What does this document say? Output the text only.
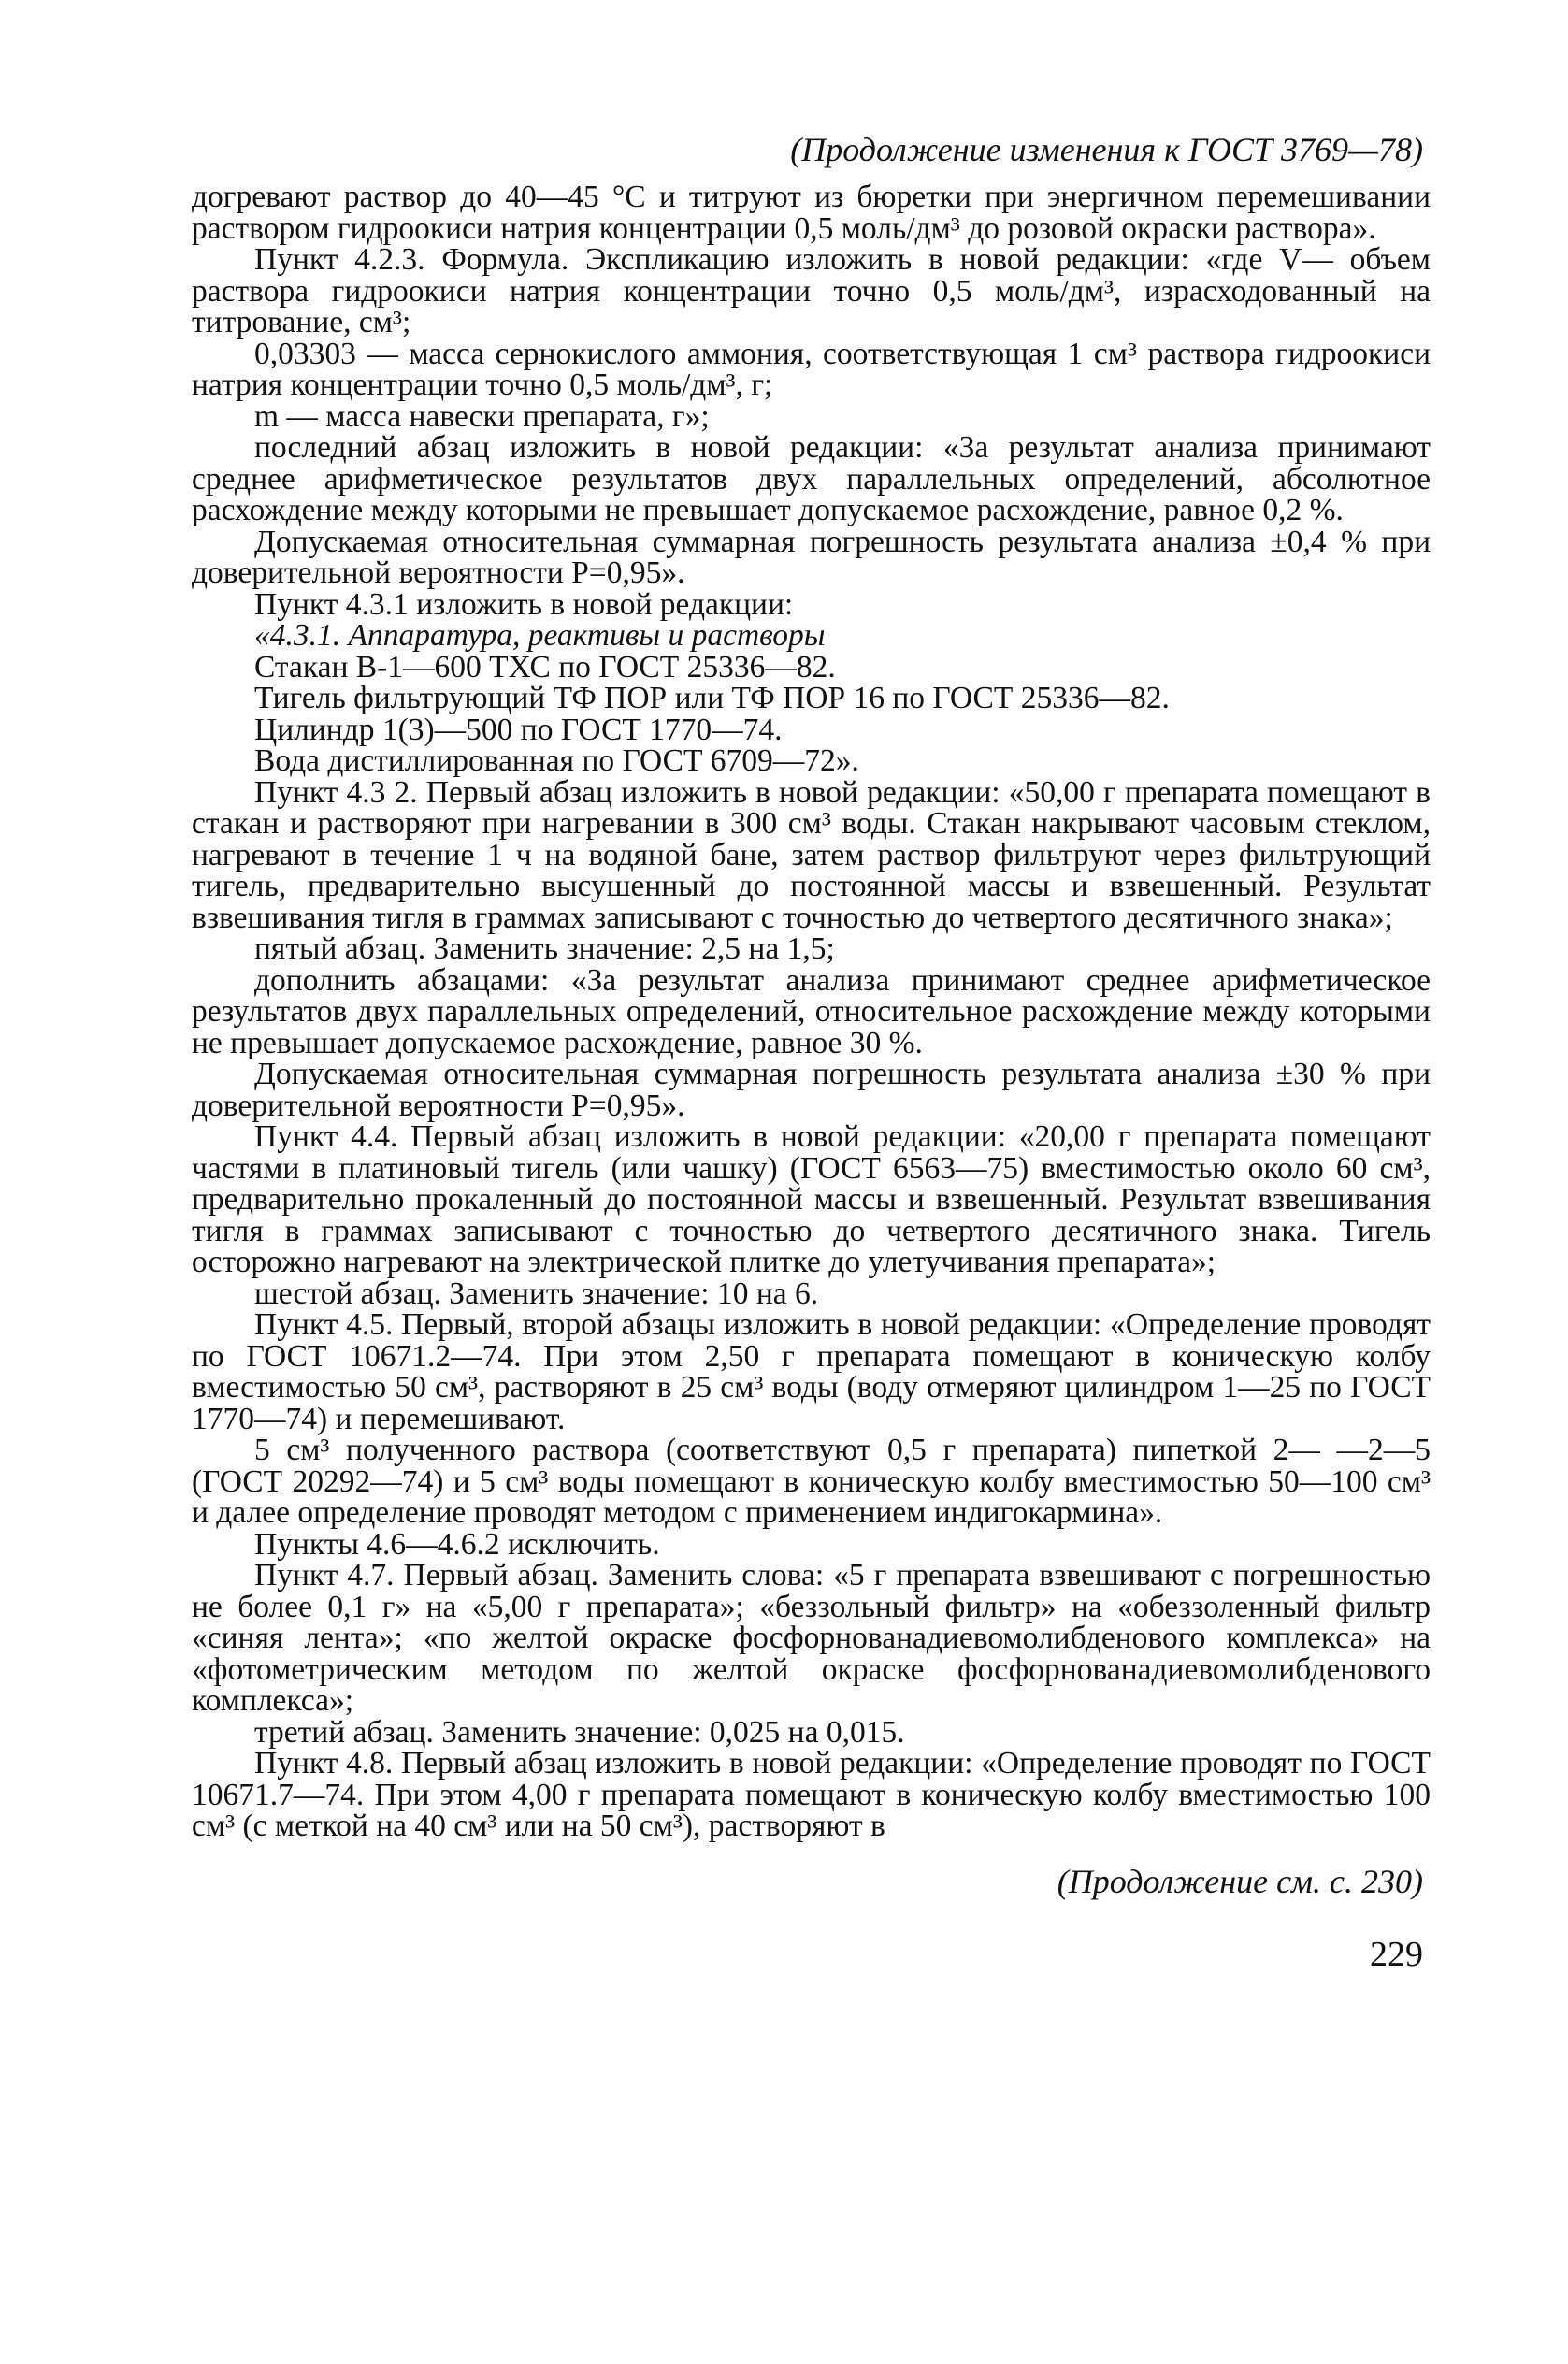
(Продолжение изменения к ГОСТ 3769—78)

догревают раствор до 40—45 °С и титруют из бюретки при энергичном перемешивании раствором гидроокиси натрия концентрации 0,5 моль/дм³ до розовой окраски раствора».

Пункт 4.2.3. Формула. Экспликацию изложить в новой редакции: «где V— объем раствора гидроокиси натрия концентрации точно 0,5 моль/дм³, израсходованный на титрование, см³;

0,03303 — масса сернокислого аммония, соответствующая 1 см³ раствора гидроокиси натрия концентрации точно 0,5 моль/дм³, г;

m — масса навески препарата, г»;

последний абзац изложить в новой редакции: «За результат анализа принимают среднее арифметическое результатов двух параллельных определений, абсолютное расхождение между которыми не превышает допускаемое расхождение, равное 0,2 %.

Допускаемая относительная суммарная погрешность результата анализа ±0,4 % при доверительной вероятности P=0,95».

Пункт 4.3.1 изложить в новой редакции:

«4.3.1. Аппаратура, реактивы и растворы

Стакан В-1—600 ТХС по ГОСТ 25336—82.

Тигель фильтрующий ТФ ПОР или ТФ ПОР 16 по ГОСТ 25336—82.

Цилиндр 1(3)—500 по ГОСТ 1770—74.

Вода дистиллированная по ГОСТ 6709—72».

Пункт 4.3 2. Первый абзац изложить в новой редакции: «50,00 г препарата помещают в стакан и растворяют при нагревании в 300 см³ воды. Стакан накрывают часовым стеклом, нагревают в течение 1 ч на водяной бане, затем раствор фильтруют через фильтрующий тигель, предварительно высушенный до постоянной массы и взвешенный. Результат взвешивания тигля в граммах записывают с точностью до четвертого десятичного знака»;

пятый абзац. Заменить значение: 2,5 на 1,5;

дополнить абзацами: «За результат анализа принимают среднее арифметическое результатов двух параллельных определений, относительное расхождение между которыми не превышает допускаемое расхождение, равное 30 %.

Допускаемая относительная суммарная погрешность результата анализа ±30 % при доверительной вероятности P=0,95».

Пункт 4.4. Первый абзац изложить в новой редакции: «20,00 г препарата помещают частями в платиновый тигель (или чашку) (ГОСТ 6563—75) вместимостью около 60 см³, предварительно прокаленный до постоянной массы и взвешенный. Результат взвешивания тигля в граммах записывают с точностью до четвертого десятичного знака. Тигель осторожно нагревают на электрической плитке до улетучивания препарата»;

шестой абзац. Заменить значение: 10 на 6.

Пункт 4.5. Первый, второй абзацы изложить в новой редакции: «Определение проводят по ГОСТ 10671.2—74. При этом 2,50 г препарата помещают в коническую колбу вместимостью 50 см³, растворяют в 25 см³ воды (воду отмеряют цилиндром 1—25 по ГОСТ 1770—74) и перемешивают.

5 см³ полученного раствора (соответствуют 0,5 г препарата) пипеткой 2— —2—5 (ГОСТ 20292—74) и 5 см³ воды помещают в коническую колбу вместимостью 50—100 см³ и далее определение проводят методом с применением индигокармина».

Пункты 4.6—4.6.2 исключить.

Пункт 4.7. Первый абзац. Заменить слова: «5 г препарата взвешивают с погрешностью не более 0,1 г» на «5,00 г препарата»; «беззольный фильтр» на «обеззоленный фильтр «синяя лента»; «по желтой окраске фосфорнованадиевомолибденового комплекса» на «фотометрическим методом по желтой окраске фосфорнованадиевомолибденового комплекса»;

третий абзац. Заменить значение: 0,025 на 0,015.

Пункт 4.8. Первый абзац изложить в новой редакции: «Определение проводят по ГОСТ 10671.7—74. При этом 4,00 г препарата помещают в коническую колбу вместимостью 100 см³ (с меткой на 40 см³ или на 50 см³), растворяют в

(Продолжение см. с. 230)
229
